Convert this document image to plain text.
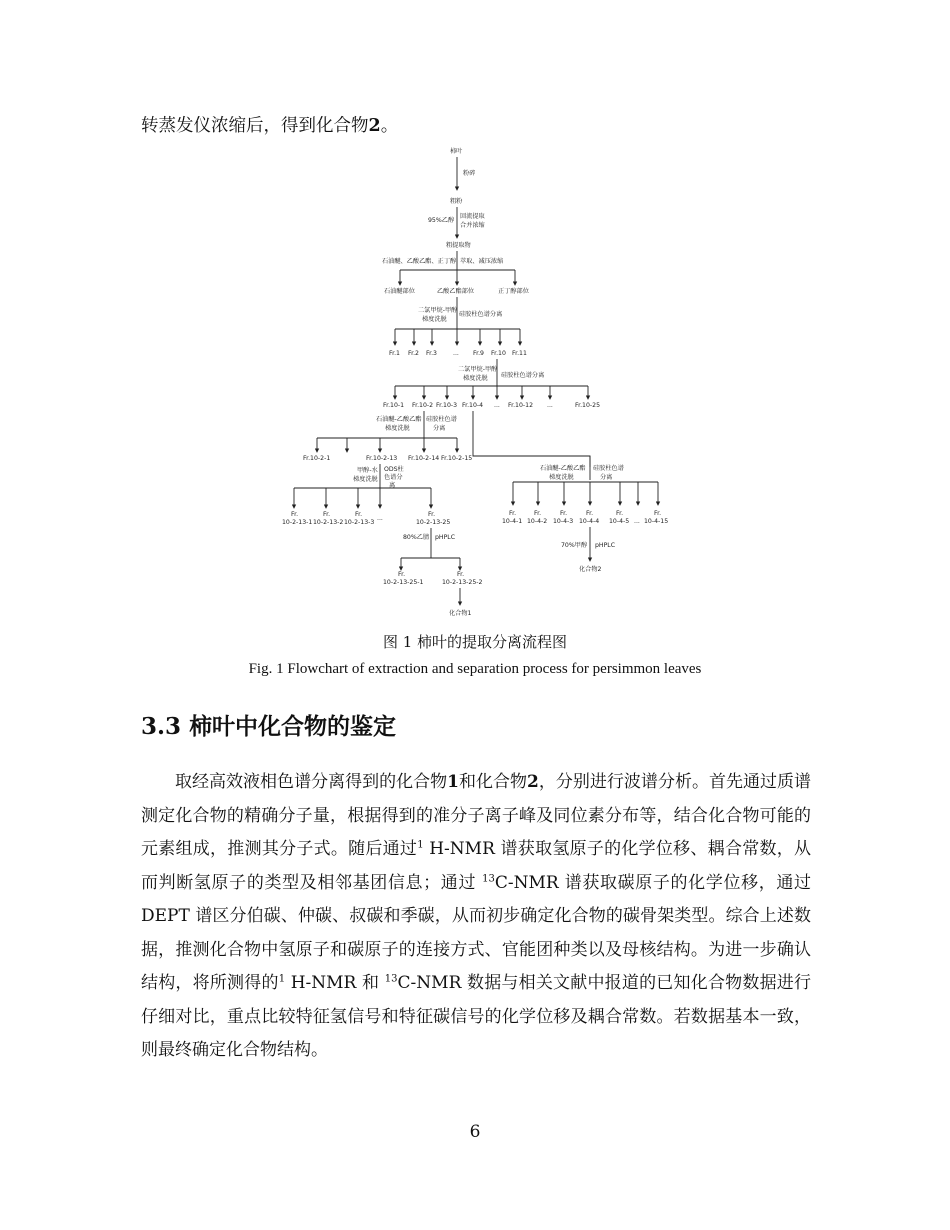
转蒸发仪浓缩后，得到化合物2。
柿叶
粉碎
粗粉
95%乙醇
回流提取
合并浓缩
粗提取物
石油醚、乙酸乙酯、正丁醇 萃取、减压浓缩
石油醚部位	乙酸乙酯部位	正丁醇部位
二氯甲烷-甲醇
梯度洗脱
硅胶柱色谱分离
Fr.1 Fr.2 Fr.3	... Fr.9 Fr.10 Fr.11
二氯甲烷-甲醇
梯度洗脱 硅胶柱色谱分离
Fr.10-1 Fr.10-2 Fr.10-3 Fr.10-4 ... Fr.10-12 ...	Fr.10-25
石油醚-乙酸乙酯
梯度洗脱
硅胶柱色谱
分离
Fr.10-2-1	Fr.10-2-13 Fr.10-2-14 Fr.10-2-15
甲醇-水
梯度洗脱
ODS柱
色谱分
离
Fr.
10-2-13-1
Fr.
10-2-13-2
Fr.
10-2-13-3
...
Fr.
10-2-13-25
80%乙腈 pHPLC
Fr.
10-2-13-25-1
Fr.
10-2-13-25-2
化合物1
石油醚-乙酸乙酯
梯度洗脱
硅胶柱色谱
分离
Fr.
10-4-1
Fr.
10-4-2
Fr.
10-4-3
Fr.
10-4-4
Fr.
10-4-5 ...
Fr.
10-4-15
70%甲醇 pHPLC
化合物2
图 1 柿叶的提取分离流程图
Fig. 1 Flowchart of extraction and separation process for persimmon leaves
3.3 柿叶中化合物的鉴定
取经高效液相色谱分离得到的化合物1和化合物2，分别进行波谱分析。首先通过质谱测定化合物的精确分子量，根据得到的准分子离子峰及同位素分布等，结合化合物可能的元素组成，推测其分子式。随后通过$^1$ H-NMR 谱获取氢原子的化学位移、耦合常数，从而判断氢原子的类型及相邻基团信息；通过 $^{13}$C-NMR 谱获取碳原子的化学位移，通过 DEPT 谱区分伯碳、仲碳、叔碳和季碳，从而初步确定化合物的碳骨架类型。综合上述数据，推测化合物中氢原子和碳原子的连接方式、官能团种类以及母核结构。为进一步确认结构，将所测得的$^1$ H-NMR 和 $^{13}$C-NMR 数据与相关文献中报道的已知化合物数据进行仔细对比，重点比较特征氢信号和特征碳信号的化学位移及耦合常数。若数据基本一致，则最终确定化合物结构。
6
